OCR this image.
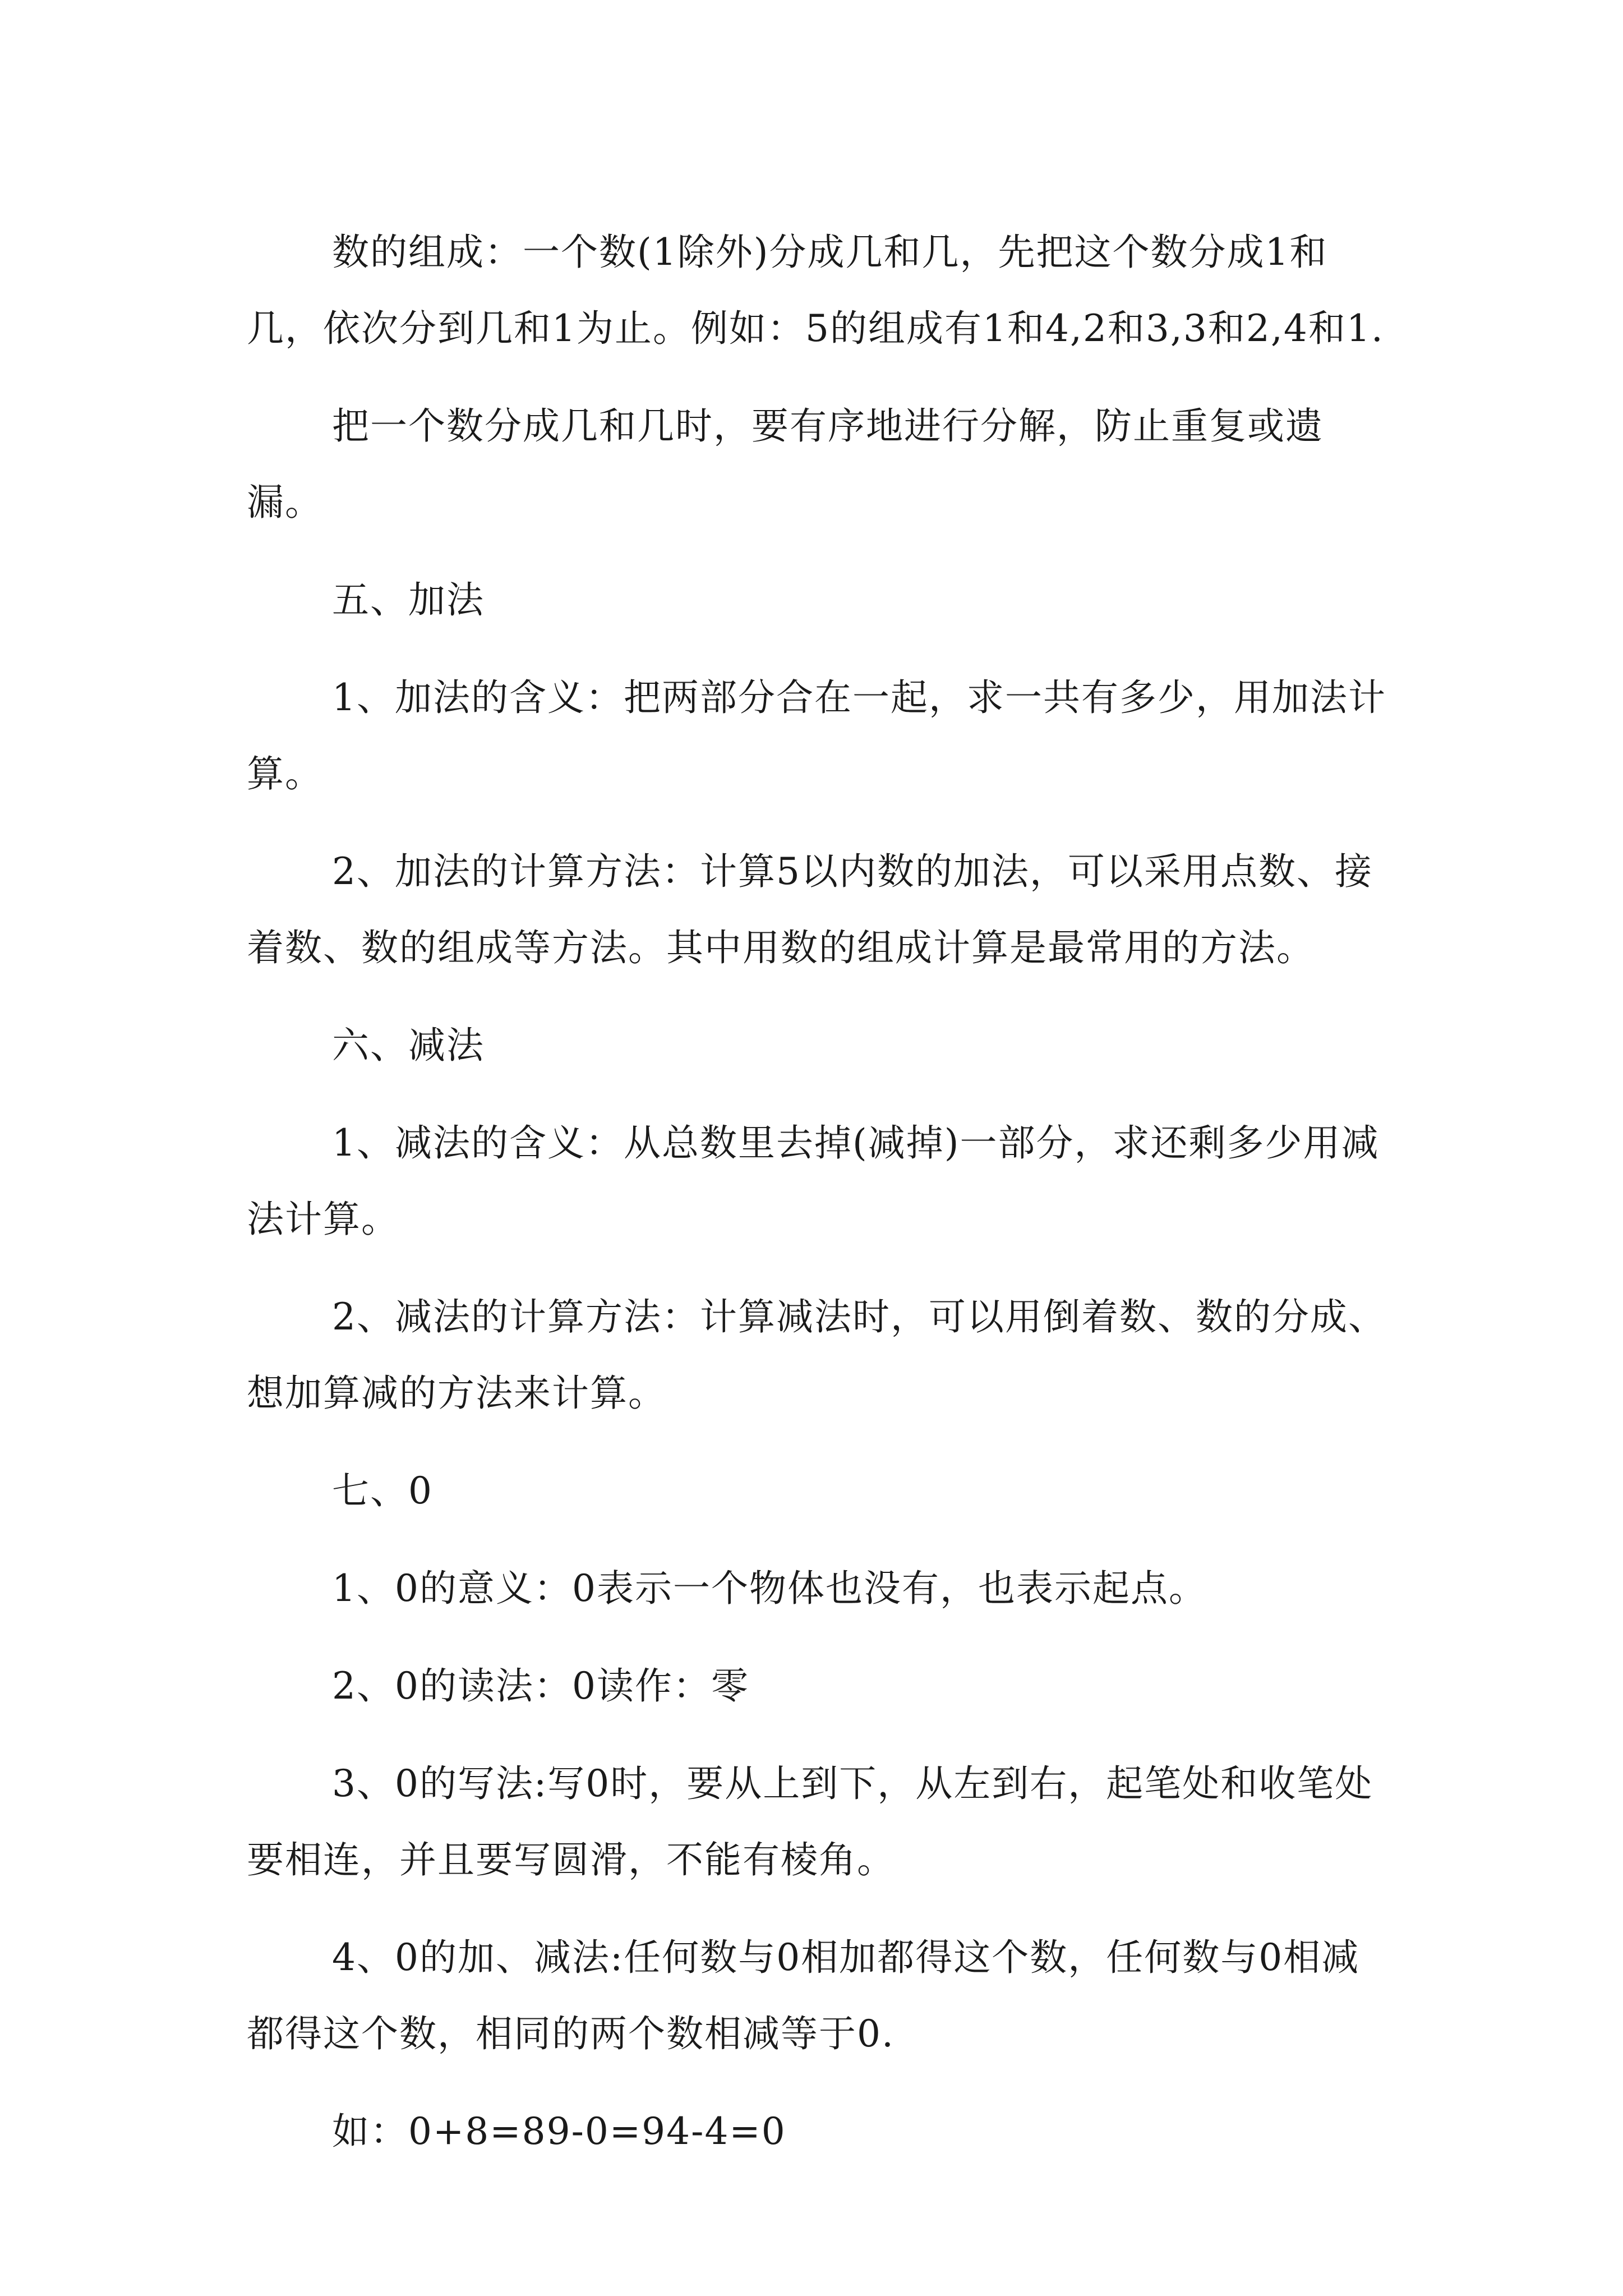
数的组成：一个数(1除外)分成几和几，先把这个数分成1和几，依次分到几和1为止。例如：5的组成有1和4,2和3,3和2,4和1.

把一个数分成几和几时，要有序地进行分解，防止重复或遗漏。

五、加法

1、加法的含义：把两部分合在一起，求一共有多少，用加法计算。

2、加法的计算方法：计算5以内数的加法，可以采用点数、接着数、数的组成等方法。其中用数的组成计算是最常用的方法。

六、减法

1、减法的含义：从总数里去掉(减掉)一部分，求还剩多少用减法计算。

2、减法的计算方法：计算减法时，可以用倒着数、数的分成、想加算减的方法来计算。

七、0

1、0的意义：0表示一个物体也没有，也表示起点。

2、0的读法：0读作：零

3、0的写法:写0时，要从上到下，从左到右，起笔处和收笔处要相连，并且要写圆滑，不能有棱角。

4、0的加、减法:任何数与0相加都得这个数，任何数与0相减都得这个数，相同的两个数相减等于0.

如：0+8=89-0=94-4=0
